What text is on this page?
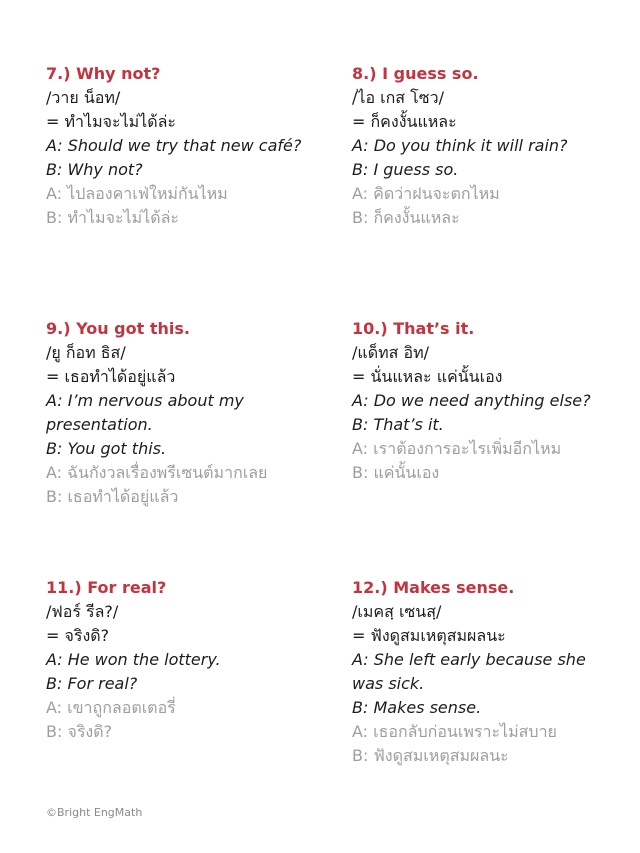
7.) Why not?
/วาย น็อท/
= ทำไมจะไม่ได้ล่ะ
A: Should we try that new café?
B: Why not?
A: ไปลองคาเฟ่ใหม่กันไหม
B: ทำไมจะไม่ได้ล่ะ
8.) I guess so.
/ไอ เกส โซว/
= ก็คงงั้นแหละ
A: Do you think it will rain?
B: I guess so.
A: คิดว่าฝนจะตกไหม
B: ก็คงงั้นแหละ
9.) You got this.
/ยู ก็อท ธิส/
= เธอทำได้อยู่แล้ว
A: I’m nervous about my presentation.
B: You got this.
A: ฉันกังวลเรื่องพรีเซนต์มากเลย
B: เธอทำได้อยู่แล้ว
10.) That’s it.
/แด็ทส อิท/
= นั่นแหละ แค่นั้นเอง
A: Do we need anything else?
B: That’s it.
A: เราต้องการอะไรเพิ่มอีกไหม
B: แค่นั้นเอง
11.) For real?
/ฟอร์ รีล?/
= จริงดิ?
A: He won the lottery.
B: For real?
A: เขาถูกลอตเตอรี่
B: จริงดิ?
12.) Makes sense.
/เมคสฺ เซนสฺ/
= ฟังดูสมเหตุสมผลนะ
A: She left early because she was sick.
B: Makes sense.
A: เธอกลับก่อนเพราะไม่สบาย
B: ฟังดูสมเหตุสมผลนะ
©Bright EngMath
